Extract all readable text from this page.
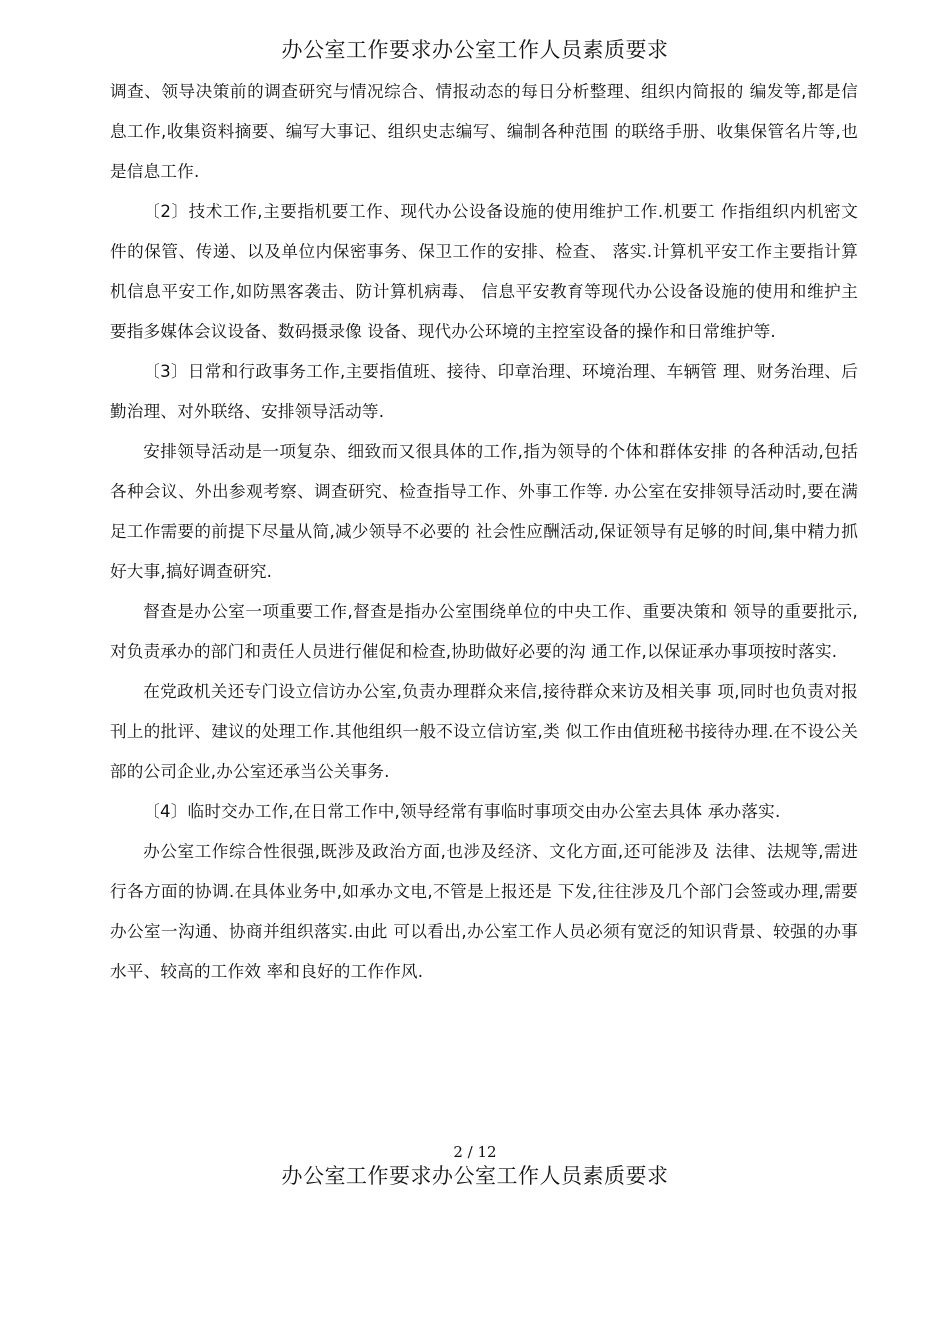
办公室工作要求办公室工作人员素质要求

调查、领导决策前的调查研究与情况综合、情报动态的每日分析整理、组织内简报的 编发等,都是信息工作,收集资料摘要、编写大事记、组织史志编写、编制各种范围 的联络手册、收集保管名片等,也是信息工作.

〔2〕技术工作,主要指机要工作、现代办公设备设施的使用维护工作.机要工 作指组织内机密文件的保管、传递、以及单位内保密事务、保卫工作的安排、检查、 落实.计算机平安工作主要指计算机信息平安工作,如防黑客袭击、防计算机病毒、 信息平安教育等现代办公设备设施的使用和维护主要指多媒体会议设备、数码摄录像 设备、现代办公环境的主控室设备的操作和日常维护等.

〔3〕日常和行政事务工作,主要指值班、接待、印章治理、环境治理、车辆管 理、财务治理、后勤治理、对外联络、安排领导活动等.

安排领导活动是一项复杂、细致而又很具体的工作,指为领导的个体和群体安排 的各种活动,包括各种会议、外出参观考察、调查研究、检查指导工作、外事工作等. 办公室在安排领导活动时,要在满足工作需要的前提下尽量从简,减少领导不必要的 社会性应酬活动,保证领导有足够的时间,集中精力抓好大事,搞好调查研究.

督查是办公室一项重要工作,督查是指办公室围绕单位的中央工作、重要决策和 领导的重要批示,对负责承办的部门和责任人员进行催促和检查,协助做好必要的沟 通工作,以保证承办事项按时落实.

在党政机关还专门设立信访办公室,负责办理群众来信,接待群众来访及相关事 项,同时也负责对报刊上的批评、建议的处理工作.其他组织一般不设立信访室,类 似工作由值班秘书接待办理.在不设公关部的公司企业,办公室还承当公关事务.

〔4〕临时交办工作,在日常工作中,领导经常有事临时事项交由办公室去具体 承办落实.

办公室工作综合性很强,既涉及政治方面,也涉及经济、文化方面,还可能涉及 法律、法规等,需进行各方面的协调.在具体业务中,如承办文电,不管是上报还是 下发,往往涉及几个部门会签或办理,需要办公室一沟通、协商并组织落实.由此 可以看出,办公室工作人员必须有宽泛的知识背景、较强的办事水平、较高的工作效 率和良好的工作作风.

2 / 12
办公室工作要求办公室工作人员素质要求
